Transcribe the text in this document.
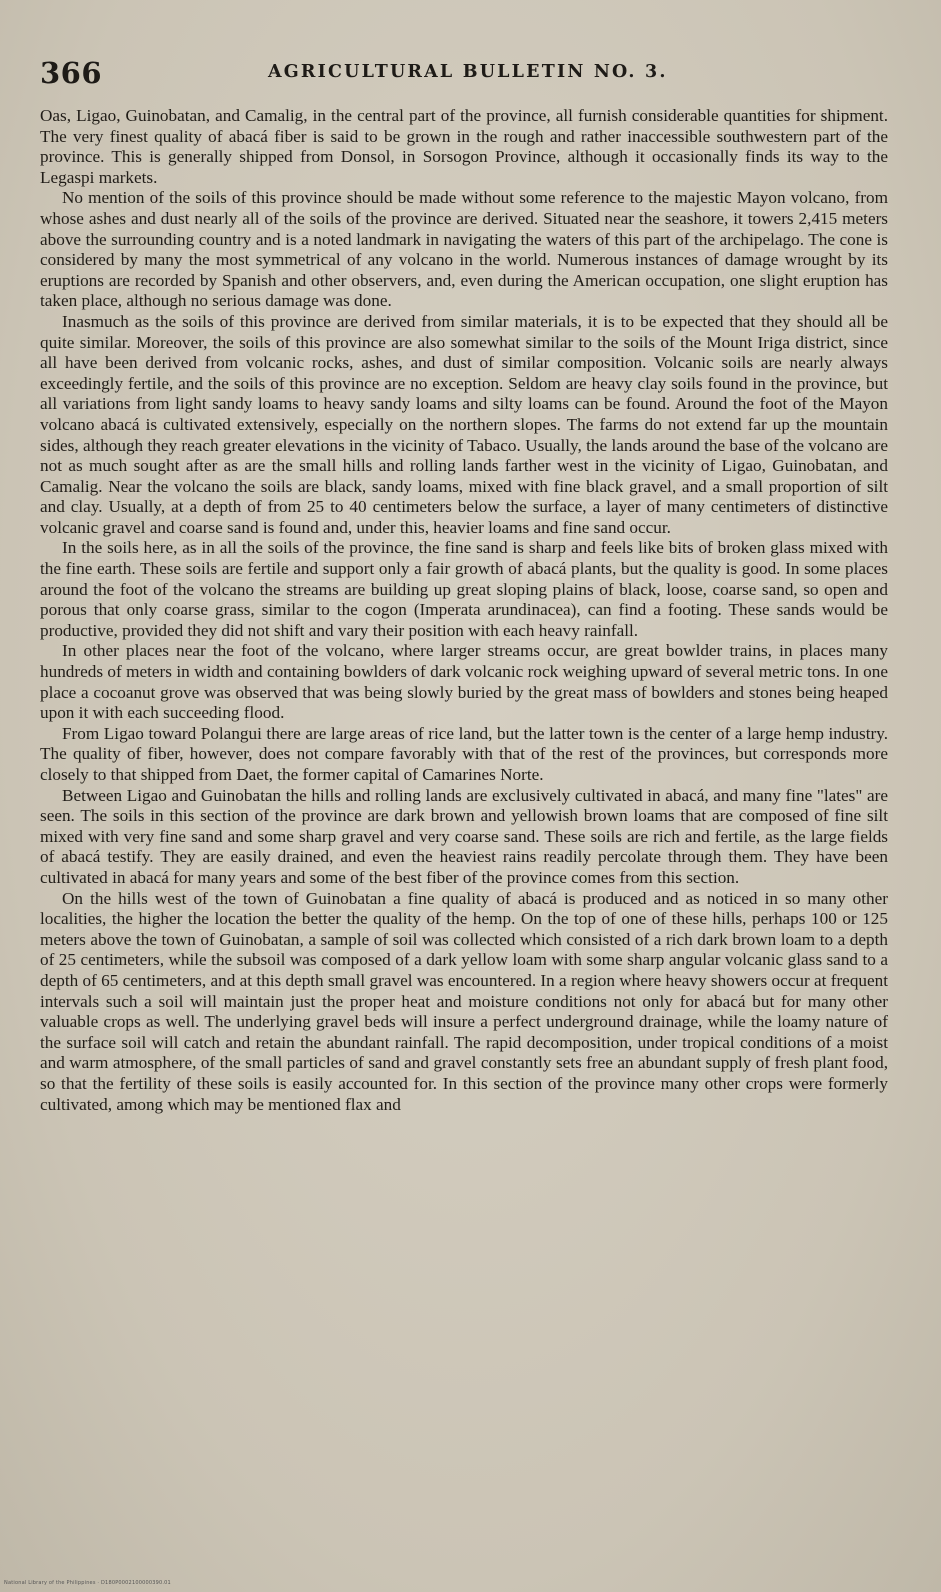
366	AGRICULTURAL BULLETIN NO. 3.

Oas, Ligao, Guinobatan, and Camalig, in the central part of the province, all furnish considerable quantities for shipment. The very finest quality of abacá fiber is said to be grown in the rough and rather inaccessible southwestern part of the province. This is generally shipped from Donsol, in Sorsogon Province, although it occasionally finds its way to the Legaspi markets.

No mention of the soils of this province should be made without some reference to the majestic Mayon volcano, from whose ashes and dust nearly all of the soils of the province are derived. Situated near the seashore, it towers 2,415 meters above the surrounding country and is a noted landmark in navigating the waters of this part of the archipelago. The cone is considered by many the most symmetrical of any volcano in the world. Numerous instances of damage wrought by its eruptions are recorded by Spanish and other observers, and, even during the American occupation, one slight eruption has taken place, although no serious damage was done.

Inasmuch as the soils of this province are derived from similar materials, it is to be expected that they should all be quite similar. Moreover, the soils of this province are also somewhat similar to the soils of the Mount Iriga district, since all have been derived from volcanic rocks, ashes, and dust of similar composition. Volcanic soils are nearly always exceedingly fertile, and the soils of this province are no exception. Seldom are heavy clay soils found in the province, but all variations from light sandy loams to heavy sandy loams and silty loams can be found. Around the foot of the Mayon volcano abacá is cultivated extensively, especially on the northern slopes. The farms do not extend far up the mountain sides, although they reach greater elevations in the vicinity of Tabaco. Usually, the lands around the base of the volcano are not as much sought after as are the small hills and rolling lands farther west in the vicinity of Ligao, Guinobatan, and Camalig. Near the volcano the soils are black, sandy loams, mixed with fine black gravel, and a small proportion of silt and clay. Usually, at a depth of from 25 to 40 centimeters below the surface, a layer of many centimeters of distinctive volcanic gravel and coarse sand is found and, under this, heavier loams and fine sand occur.

In the soils here, as in all the soils of the province, the fine sand is sharp and feels like bits of broken glass mixed with the fine earth. These soils are fertile and support only a fair growth of abacá plants, but the quality is good. In some places around the foot of the volcano the streams are building up great sloping plains of black, loose, coarse sand, so open and porous that only coarse grass, similar to the cogon (Imperata arundinacea), can find a footing. These sands would be productive, provided they did not shift and vary their position with each heavy rainfall.

In other places near the foot of the volcano, where larger streams occur, are great bowlder trains, in places many hundreds of meters in width and containing bowlders of dark volcanic rock weighing upward of several metric tons. In one place a cocoanut grove was observed that was being slowly buried by the great mass of bowlders and stones being heaped upon it with each succeeding flood.

From Ligao toward Polangui there are large areas of rice land, but the latter town is the center of a large hemp industry. The quality of fiber, however, does not compare favorably with that of the rest of the provinces, but corresponds more closely to that shipped from Daet, the former capital of Camarines Norte.

Between Ligao and Guinobatan the hills and rolling lands are exclusively cultivated in abacá, and many fine "lates" are seen. The soils in this section of the province are dark brown and yellowish brown loams that are composed of fine silt mixed with very fine sand and some sharp gravel and very coarse sand. These soils are rich and fertile, as the large fields of abacá testify. They are easily drained, and even the heaviest rains readily percolate through them. They have been cultivated in abacá for many years and some of the best fiber of the province comes from this section.

On the hills west of the town of Guinobatan a fine quality of abacá is produced and as noticed in so many other localities, the higher the location the better the quality of the hemp. On the top of one of these hills, perhaps 100 or 125 meters above the town of Guinobatan, a sample of soil was collected which consisted of a rich dark brown loam to a depth of 25 centimeters, while the subsoil was composed of a dark yellow loam with some sharp angular volcanic glass sand to a depth of 65 centimeters, and at this depth small gravel was encountered. In a region where heavy showers occur at frequent intervals such a soil will maintain just the proper heat and moisture conditions not only for abacá but for many other valuable crops as well. The underlying gravel beds will insure a perfect underground drainage, while the loamy nature of the surface soil will catch and retain the abundant rainfall. The rapid decomposition, under tropical conditions of a moist and warm atmosphere, of the small particles of sand and gravel constantly sets free an abundant supply of fresh plant food, so that the fertility of these soils is easily accounted for. In this section of the province many other crops were formerly cultivated, among which may be mentioned flax and

National Library of the Philippines · D180P0002100000390.01
